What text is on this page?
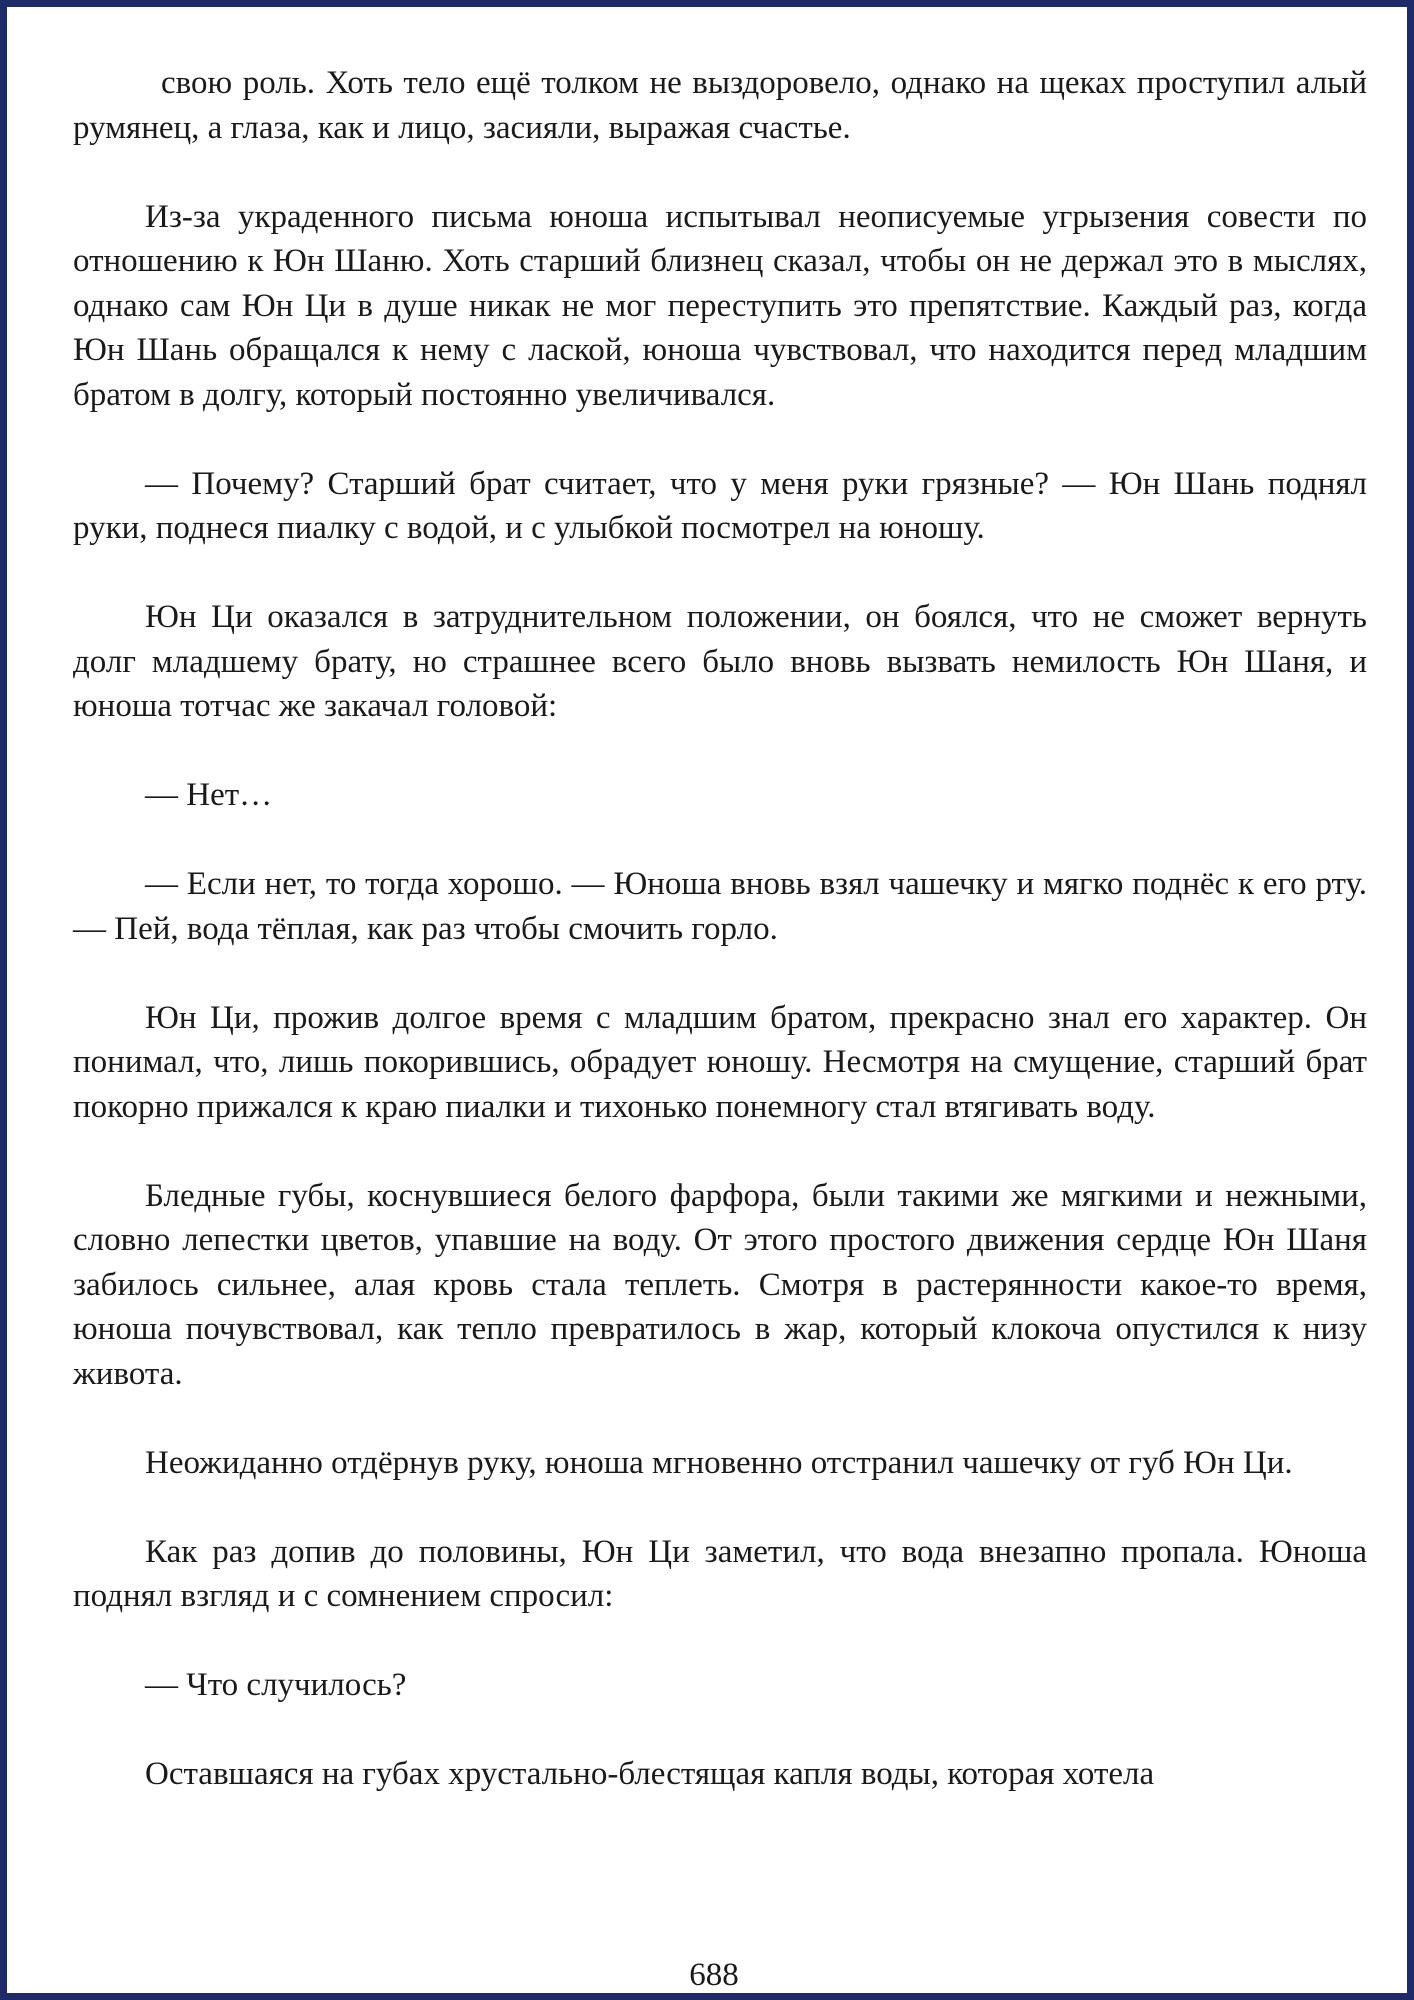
свою роль. Хоть тело ещё толком не выздоровело, однако на щеках проступил алый румянец, а глаза, как и лицо, засияли, выражая счастье.

Из-за украденного письма юноша испытывал неописуемые угрызения совести по отношению к Юн Шаню. Хоть старший близнец сказал, чтобы он не держал это в мыслях, однако сам Юн Ци в душе никак не мог переступить это препятствие. Каждый раз, когда Юн Шань обращался к нему с лаской, юноша чувствовал, что находится перед младшим братом в долгу, который постоянно увеличивался.

— Почему? Старший брат считает, что у меня руки грязные? — Юн Шань поднял руки, поднеся пиалку с водой, и с улыбкой посмотрел на юношу.

Юн Ци оказался в затруднительном положении, он боялся, что не сможет вернуть долг младшему брату, но страшнее всего было вновь вызвать немилость Юн Шаня, и юноша тотчас же закачал головой:

— Нет…

— Если нет, то тогда хорошо. — Юноша вновь взял чашечку и мягко поднёс к его рту. — Пей, вода тёплая, как раз чтобы смочить горло.

Юн Ци, прожив долгое время с младшим братом, прекрасно знал его характер. Он понимал, что, лишь покорившись, обрадует юношу. Несмотря на смущение, старший брат покорно прижался к краю пиалки и тихонько понемногу стал втягивать воду.

Бледные губы, коснувшиеся белого фарфора, были такими же мягкими и нежными, словно лепестки цветов, упавшие на воду. От этого простого движения сердце Юн Шаня забилось сильнее, алая кровь стала теплеть. Смотря в растерянности какое-то время, юноша почувствовал, как тепло превратилось в жар, который клокоча опустился к низу живота.

Неожиданно отдёрнув руку, юноша мгновенно отстранил чашечку от губ Юн Ци.

Как раз допив до половины, Юн Ци заметил, что вода внезапно пропала. Юноша поднял взгляд и с сомнением спросил:

— Что случилось?

Оставшаяся на губах хрустально-блестящая капля воды, которая хотела

688
